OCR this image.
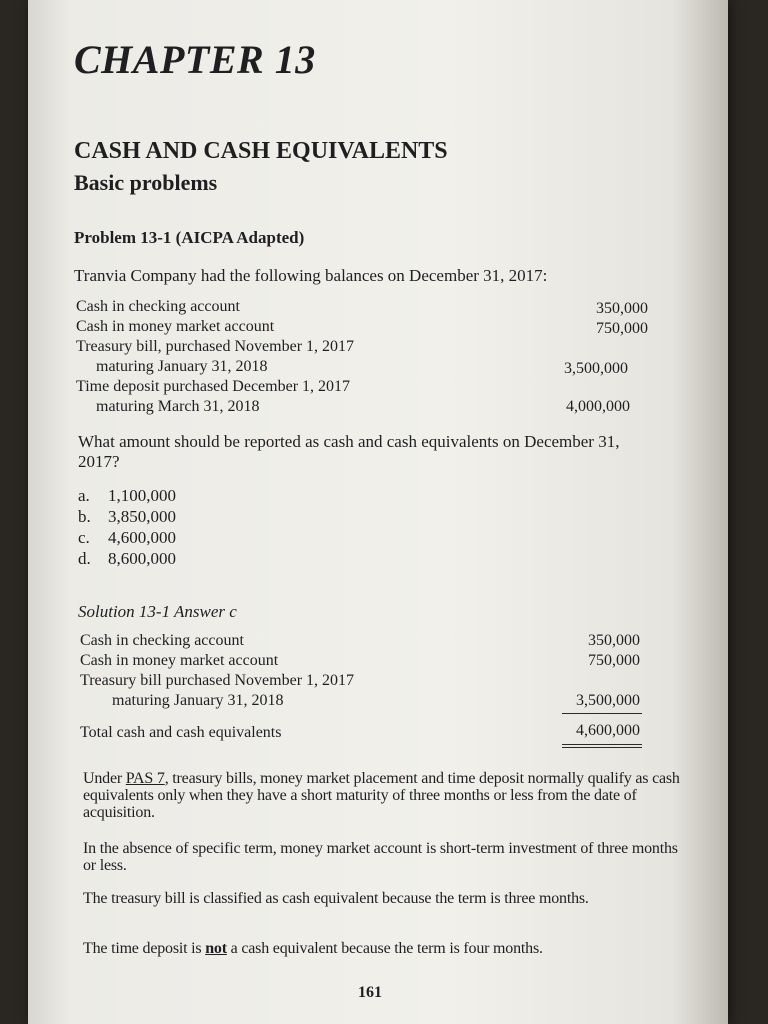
CHAPTER 13
CASH AND CASH EQUIVALENTS
Basic problems
Problem 13-1 (AICPA Adapted)
Tranvia Company had the following balances on December 31, 2017:
Cash in checking account	350,000
Cash in money market account	750,000
Treasury bill, purchased November 1, 2017
maturing January 31, 2018	3,500,000
Time deposit purchased December 1, 2017
maturing March 31, 2018	4,000,000
What amount should be reported as cash and cash equivalents on December 31, 2017?
a. 1,100,000
b. 3,850,000
c. 4,600,000
d. 8,600,000
Solution 13-1 Answer c
Cash in checking account	350,000
Cash in money market account	750,000
Treasury bill purchased November 1, 2017
maturing January 31, 2018	3,500,000
Total cash and cash equivalents	4,600,000
Under PAS 7, treasury bills, money market placement and time deposit normally qualify as cash equivalents only when they have a short maturity of three months or less from the date of acquisition.
In the absence of specific term, money market account is short-term investment of three months or less.
The treasury bill is classified as cash equivalent because the term is three months.
The time deposit is not a cash equivalent because the term is four months.
161
